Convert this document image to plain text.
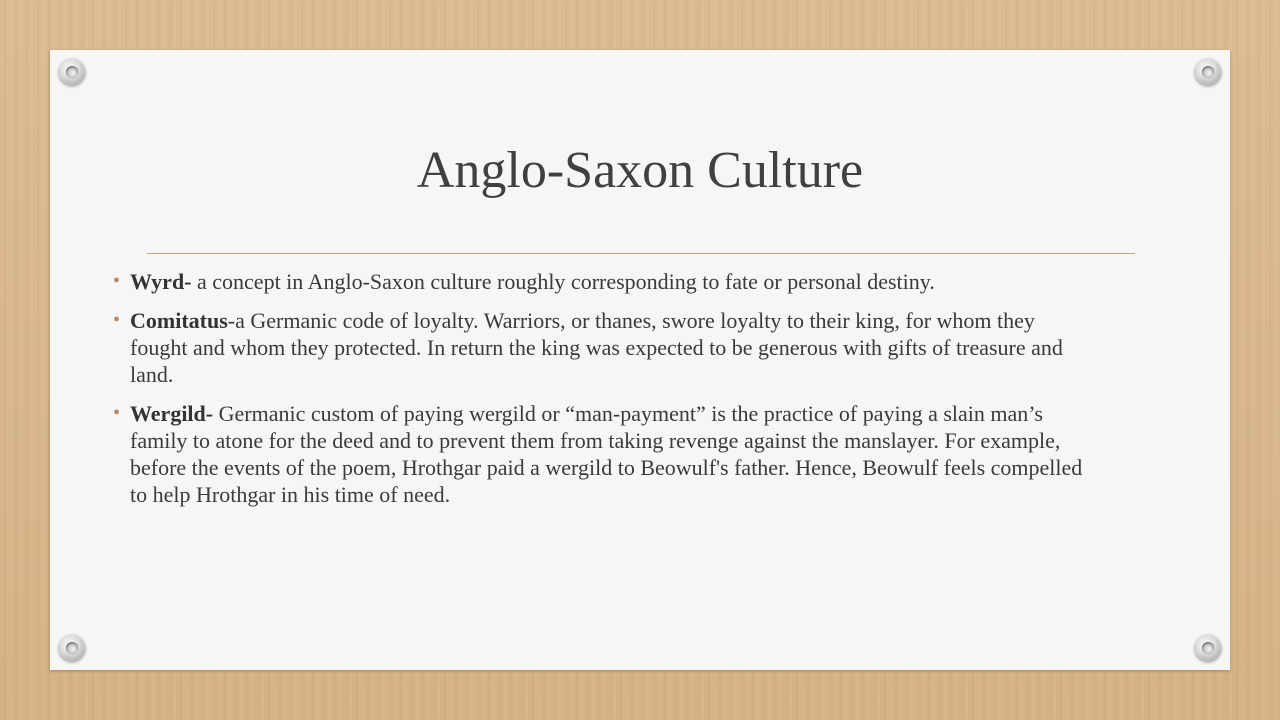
Anglo-Saxon Culture
• Wyrd- a concept in Anglo-Saxon culture roughly corresponding to fate or personal destiny.
• Comitatus-a Germanic code of loyalty. Warriors, or thanes, swore loyalty to their king, for whom they fought and whom they protected. In return the king was expected to be generous with gifts of treasure and land.
• Wergild- Germanic custom of paying wergild or “man-payment” is the practice of paying a slain man’s family to atone for the deed and to prevent them from taking revenge against the manslayer. For example, before the events of the poem, Hrothgar paid a wergild to Beowulf's father. Hence, Beowulf feels compelled to help Hrothgar in his time of need.
